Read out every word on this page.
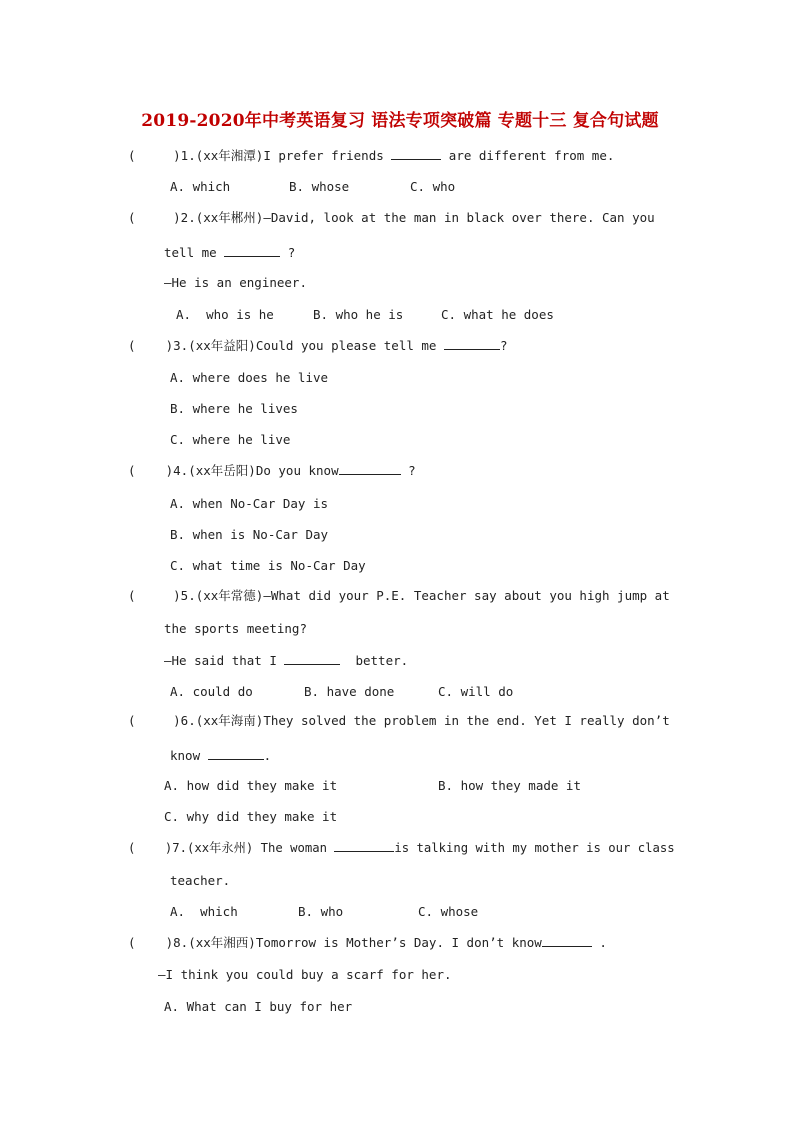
2019-2020年中考英语复习 语法专项突破篇 专题十三 复合句试题
(     )1.(xx年湘潭)I prefer friends	are different from me.
A. which	B. whose	C. who
(     )2.(xx年郴州)—David, look at the man in black over there. Can you
tell me	?
—He is an engineer.
A.  who is he	B. who he is	C. what he does
(    )3.(xx年益阳)Could you please tell me	?
A. where does he live
B. where he lives
C. where he live
(    )4.(xx年岳阳)Do you know	?
A. when No-Car Day is
B. when is No-Car Day
C. what time is No-Car Day
(     )5.(xx年常德)—What did your P.E. Teacher say about you high jump at
the sports meeting?
—He said that I	better.
A. could do	B. have done	C. will do
(     )6.(xx年海南)They solved the problem in the end. Yet I really don’t
know	.
A. how did they make it	B. how they made it
C. why did they make it
(    )7.(xx年永州) The woman	is talking with my mother is our class
teacher.
A.  which	B. who	C. whose
(    )8.(xx年湘西)Tomorrow is Mother’s Day. I don’t know	.
—I think you could buy a scarf for her.
A. What can I buy for her
